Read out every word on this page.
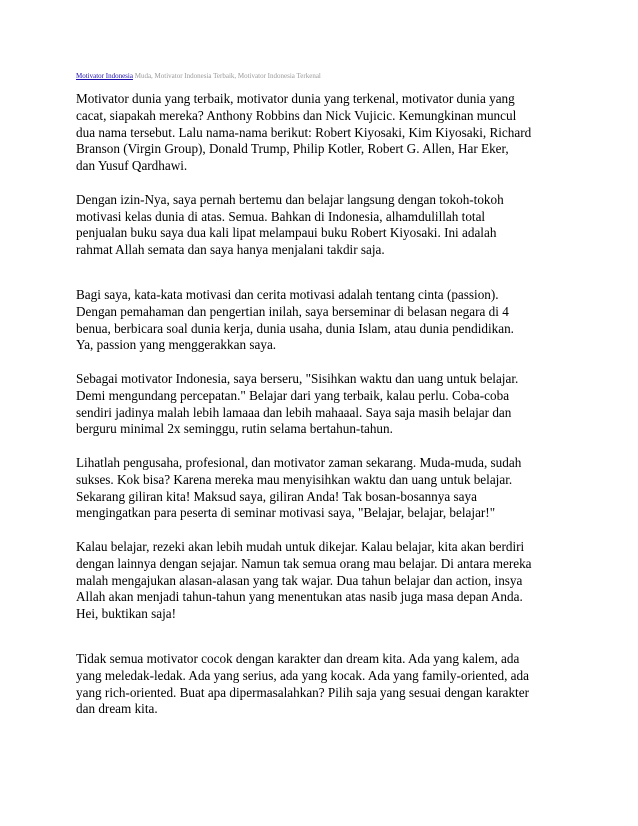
Motivator Indonesia Muda, Motivator Indonesia Terbaik, Motivator Indonesia Terkenal

Motivator dunia yang terbaik, motivator dunia yang terkenal, motivator dunia yang
cacat, siapakah mereka? Anthony Robbins dan Nick Vujicic. Kemungkinan muncul
dua nama tersebut. Lalu nama-nama berikut: Robert Kiyosaki, Kim Kiyosaki, Richard
Branson (Virgin Group), Donald Trump, Philip Kotler, Robert G. Allen, Har Eker,
dan Yusuf Qardhawi.

Dengan izin-Nya, saya pernah bertemu dan belajar langsung dengan tokoh-tokoh
motivasi kelas dunia di atas. Semua. Bahkan di Indonesia, alhamdulillah total
penjualan buku saya dua kali lipat melampaui buku Robert Kiyosaki. Ini adalah
rahmat Allah semata dan saya hanya menjalani takdir saja.

Bagi saya, kata-kata motivasi dan cerita motivasi adalah tentang cinta (passion).
Dengan pemahaman dan pengertian inilah, saya berseminar di belasan negara di 4
benua, berbicara soal dunia kerja, dunia usaha, dunia Islam, atau dunia pendidikan.
Ya, passion yang menggerakkan saya.

Sebagai motivator Indonesia, saya berseru, "Sisihkan waktu dan uang untuk belajar.
Demi mengundang percepatan." Belajar dari yang terbaik, kalau perlu. Coba-coba
sendiri jadinya malah lebih lamaaa dan lebih mahaaal. Saya saja masih belajar dan
berguru minimal 2x seminggu, rutin selama bertahun-tahun.

Lihatlah pengusaha, profesional, dan motivator zaman sekarang. Muda-muda, sudah
sukses. Kok bisa? Karena mereka mau menyisihkan waktu dan uang untuk belajar.
Sekarang giliran kita! Maksud saya, giliran Anda! Tak bosan-bosannya saya
mengingatkan para peserta di seminar motivasi saya, "Belajar, belajar, belajar!"

Kalau belajar, rezeki akan lebih mudah untuk dikejar. Kalau belajar, kita akan berdiri
dengan lainnya dengan sejajar. Namun tak semua orang mau belajar. Di antara mereka
malah mengajukan alasan-alasan yang tak wajar. Dua tahun belajar dan action, insya
Allah akan menjadi tahun-tahun yang menentukan atas nasib juga masa depan Anda.
Hei, buktikan saja!

Tidak semua motivator cocok dengan karakter dan dream kita. Ada yang kalem, ada
yang meledak-ledak. Ada yang serius, ada yang kocak. Ada yang family-oriented, ada
yang rich-oriented. Buat apa dipermasalahkan? Pilih saja yang sesuai dengan karakter
dan dream kita.
